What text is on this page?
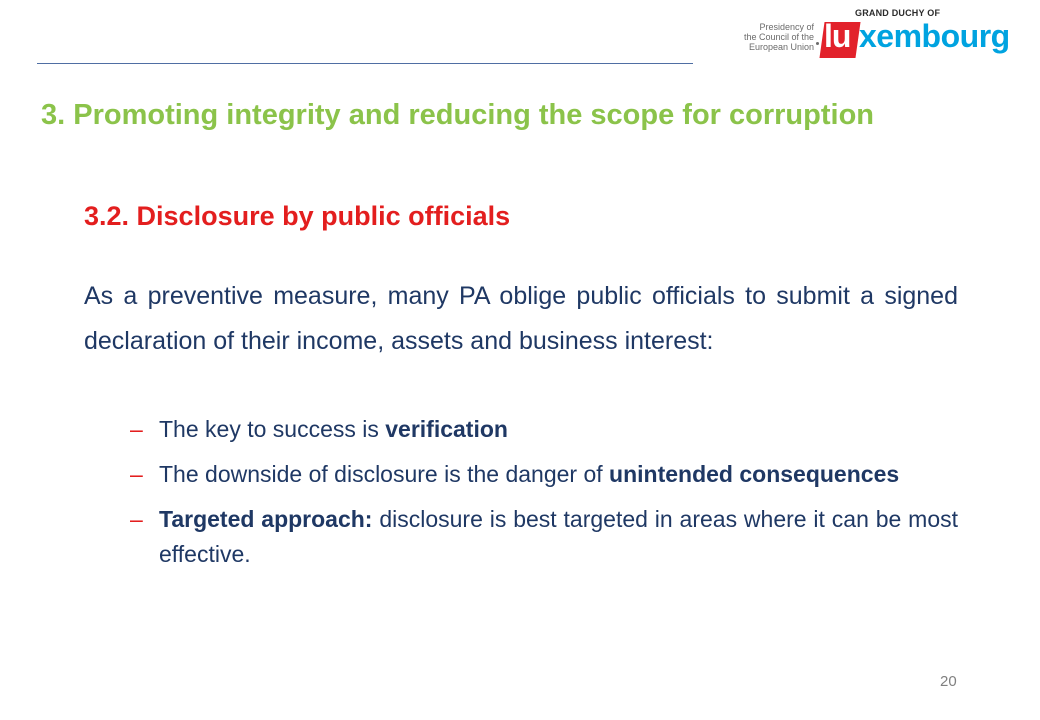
Presidency of
the Council of the
European Union
GRAND DUCHY OF
lu xembourg
3. Promoting integrity and reducing the scope for corruption
3.2. Disclosure by public officials

As a preventive measure, many PA oblige public officials to submit a signed declaration of their income, assets and business interest:

– The key to success is verification
– The downside of disclosure is the danger of unintended consequences
– Targeted approach: disclosure is best targeted in areas where it can be most effective.
20
